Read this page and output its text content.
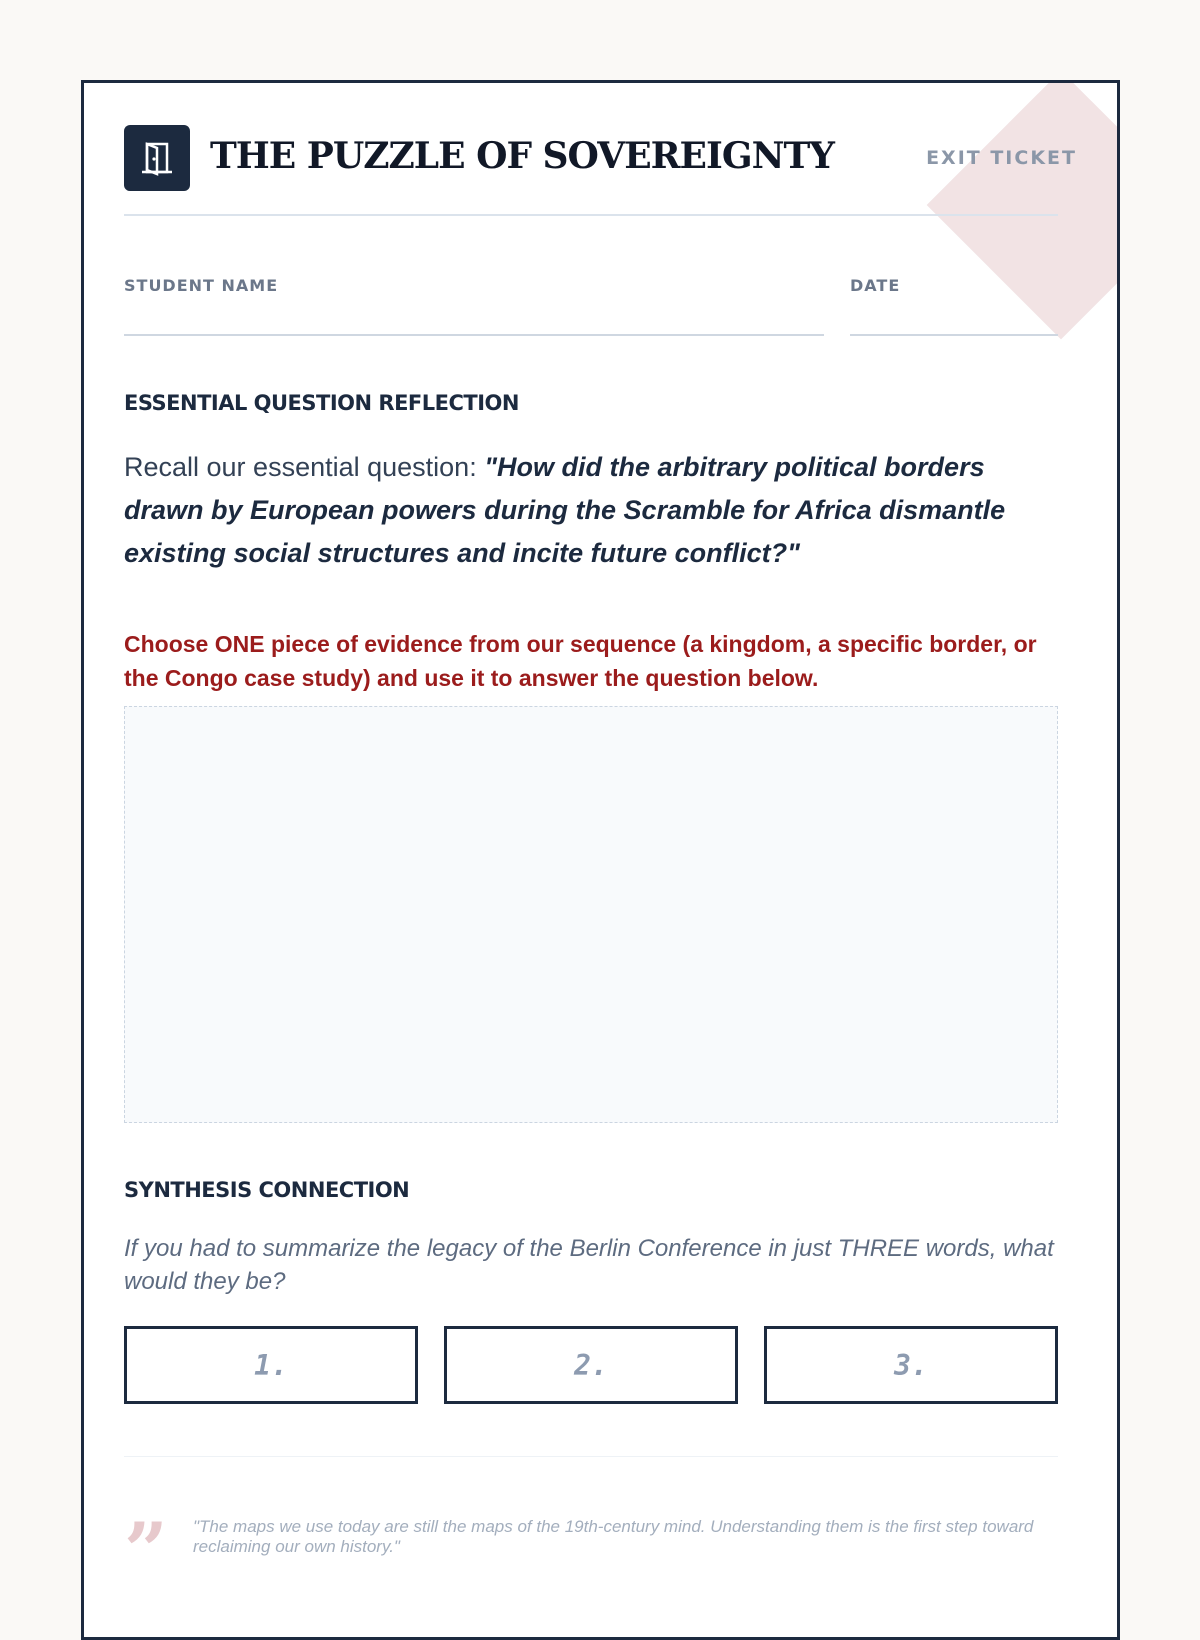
THE PUZZLE OF SOVEREIGNTY	EXIT TICKET
STUDENT NAME	DATE
ESSENTIAL QUESTION REFLECTION
Recall our essential question: "How did the arbitrary political borders drawn by European powers during the Scramble for Africa dismantle existing social structures and incite future conflict?"
Choose ONE piece of evidence from our sequence (a kingdom, a specific border, or the Congo case study) and use it to answer the question below.
SYNTHESIS CONNECTION
If you had to summarize the legacy of the Berlin Conference in just THREE words, what would they be?
1.	2.	3.
” "The maps we use today are still the maps of the 19th-century mind. Understanding them is the first step toward reclaiming our own history."
